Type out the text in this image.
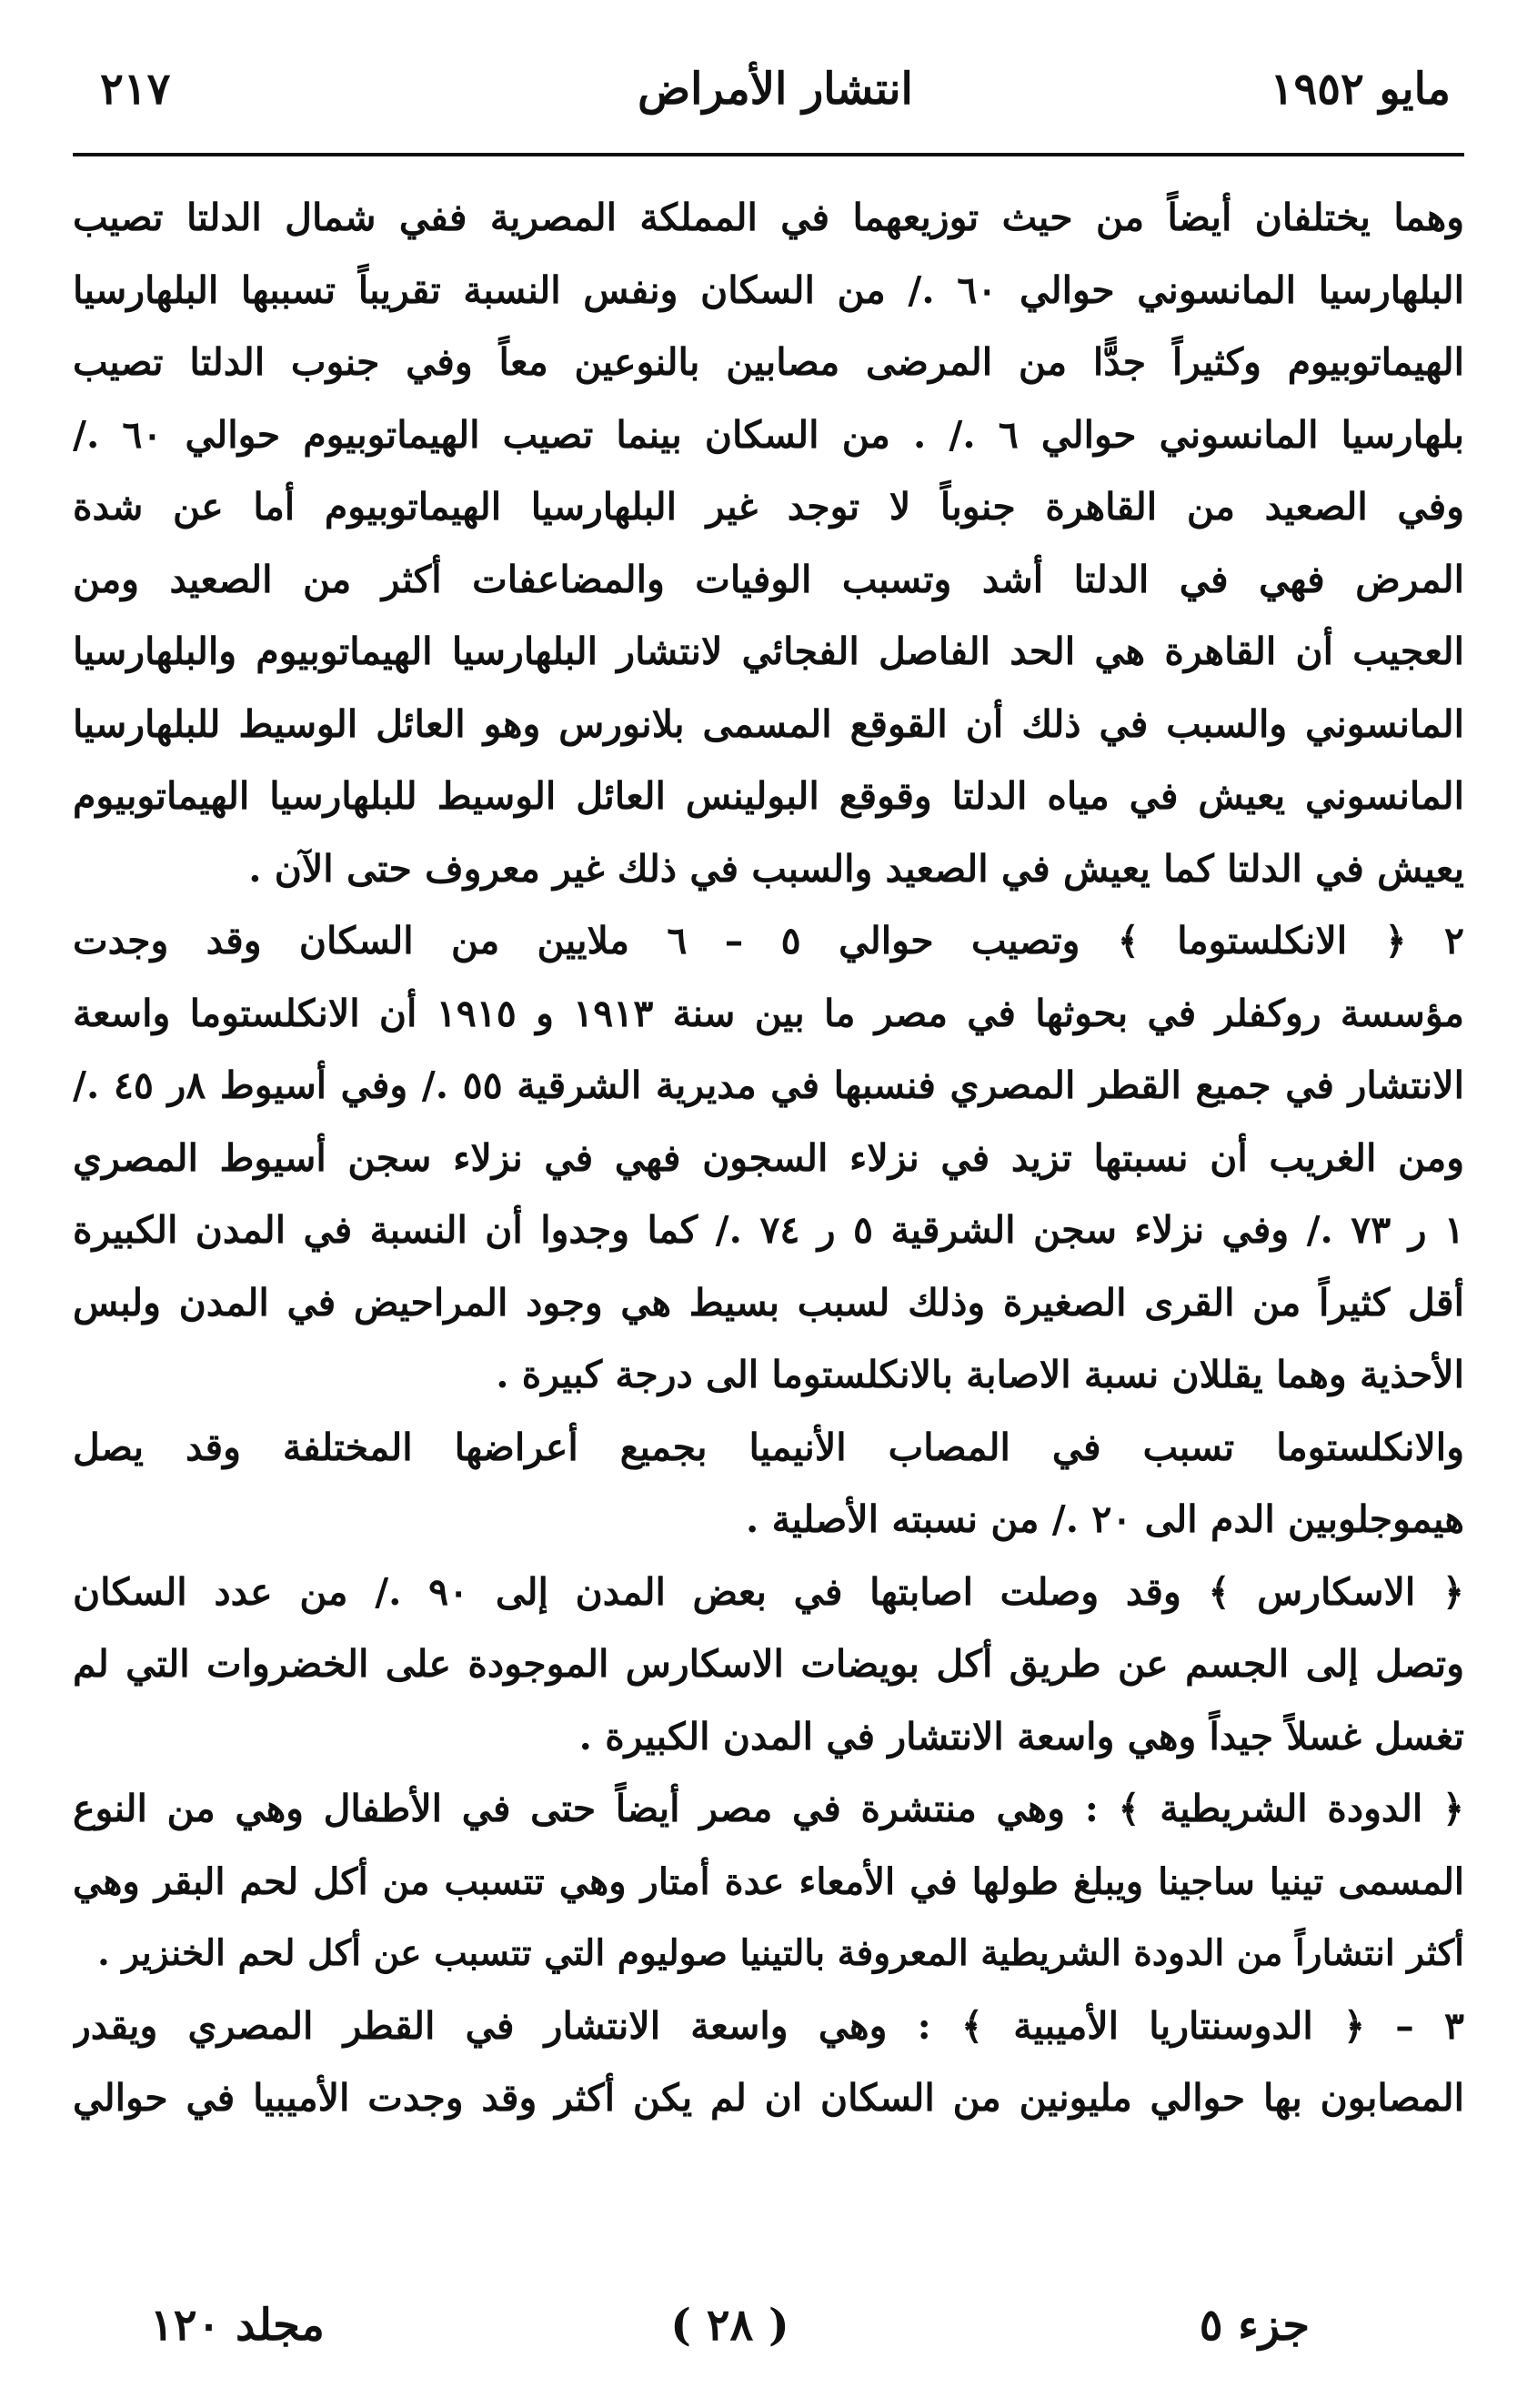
مايو ١٩٥٢
انتشار الأمراض
٢١٧
وهما يختلفان أيضاً من حيث توزيعهما في المملكة المصرية ففي شمال الدلتا تصيب
البلهارسيا المانسوني حوالي ٦٠ ./ من السكان ونفس النسبة تقريباً تسببها البلهارسيا
الهيماتوبيوم وكثيراً جدًّا من المرضى مصابين بالنوعين معاً وفي جنوب الدلتا تصيب
بلهارسيا المانسوني حوالي ٦ ./ . من السكان بينما تصيب الهيماتوبيوم حوالي ٦٠ ./
وفي الصعيد من القاهرة جنوباً لا توجد غير البلهارسيا الهيماتوبيوم أما عن شدة
المرض فهي في الدلتا أشد وتسبب الوفيات والمضاعفات أكثر من الصعيد ومن
العجيب أن القاهرة هي الحد الفاصل الفجائي لانتشار البلهارسيا الهيماتوبيوم والبلهارسيا
المانسوني والسبب في ذلك أن القوقع المسمى بلانورس وهو العائل الوسيط للبلهارسيا
المانسوني يعيش في مياه الدلتا وقوقع البولينس العائل الوسيط للبلهارسيا الهيماتوبيوم
يعيش في الدلتا كما يعيش في الصعيد والسبب في ذلك غير معروف حتى الآن .
٢ ﴿ الانكلستوما ﴾ وتصيب حوالي ٥ – ٦ ملايين من السكان وقد وجدت
مؤسسة روكفلر في بحوثها في مصر ما بين سنة ١٩١٣ و ١٩١٥ أن الانكلستوما واسعة
الانتشار في جميع القطر المصري فنسبها في مديرية الشرقية ٥٥ ./ وفي أسيوط ٨ر ٤٥ ./
ومن الغريب أن نسبتها تزيد في نزلاء السجون فهي في نزلاء سجن أسيوط المصري
١ ر ٧٣ ./ وفي نزلاء سجن الشرقية ٥ ر ٧٤ ./ كما وجدوا أن النسبة في المدن الكبيرة
أقل كثيراً من القرى الصغيرة وذلك لسبب بسيط هي وجود المراحيض في المدن ولبس
الأحذية وهما يقللان نسبة الاصابة بالانكلستوما الى درجة كبيرة .
والانكلستوما تسبب في المصاب الأنيميا بجميع أعراضها المختلفة وقد يصل
هيموجلوبين الدم الى ٢٠ ./ من نسبته الأصلية .
﴿ الاسكارس ﴾ وقد وصلت اصابتها في بعض المدن إلى ٩٠ ./ من عدد السكان
وتصل إلى الجسم عن طريق أكل بويضات الاسكارس الموجودة على الخضروات التي لم
تغسل غسلاً جيداً وهي واسعة الانتشار في المدن الكبيرة .
﴿ الدودة الشريطية ﴾ : وهي منتشرة في مصر أيضاً حتى في الأطفال وهي من النوع
المسمى تينيا ساجينا ويبلغ طولها في الأمعاء عدة أمتار وهي تتسبب من أكل لحم البقر وهي
أكثر انتشاراً من الدودة الشريطية المعروفة بالتينيا صوليوم التي تتسبب عن أكل لحم الخنزير .
٣ – ﴿ الدوسنتاريا الأميبية ﴾ : وهي واسعة الانتشار في القطر المصري ويقدر
المصابون بها حوالي مليونين من السكان ان لم يكن أكثر وقد وجدت الأميبيا في حوالي
جزء ٥
( ٢٨ )
مجلد ١٢٠
